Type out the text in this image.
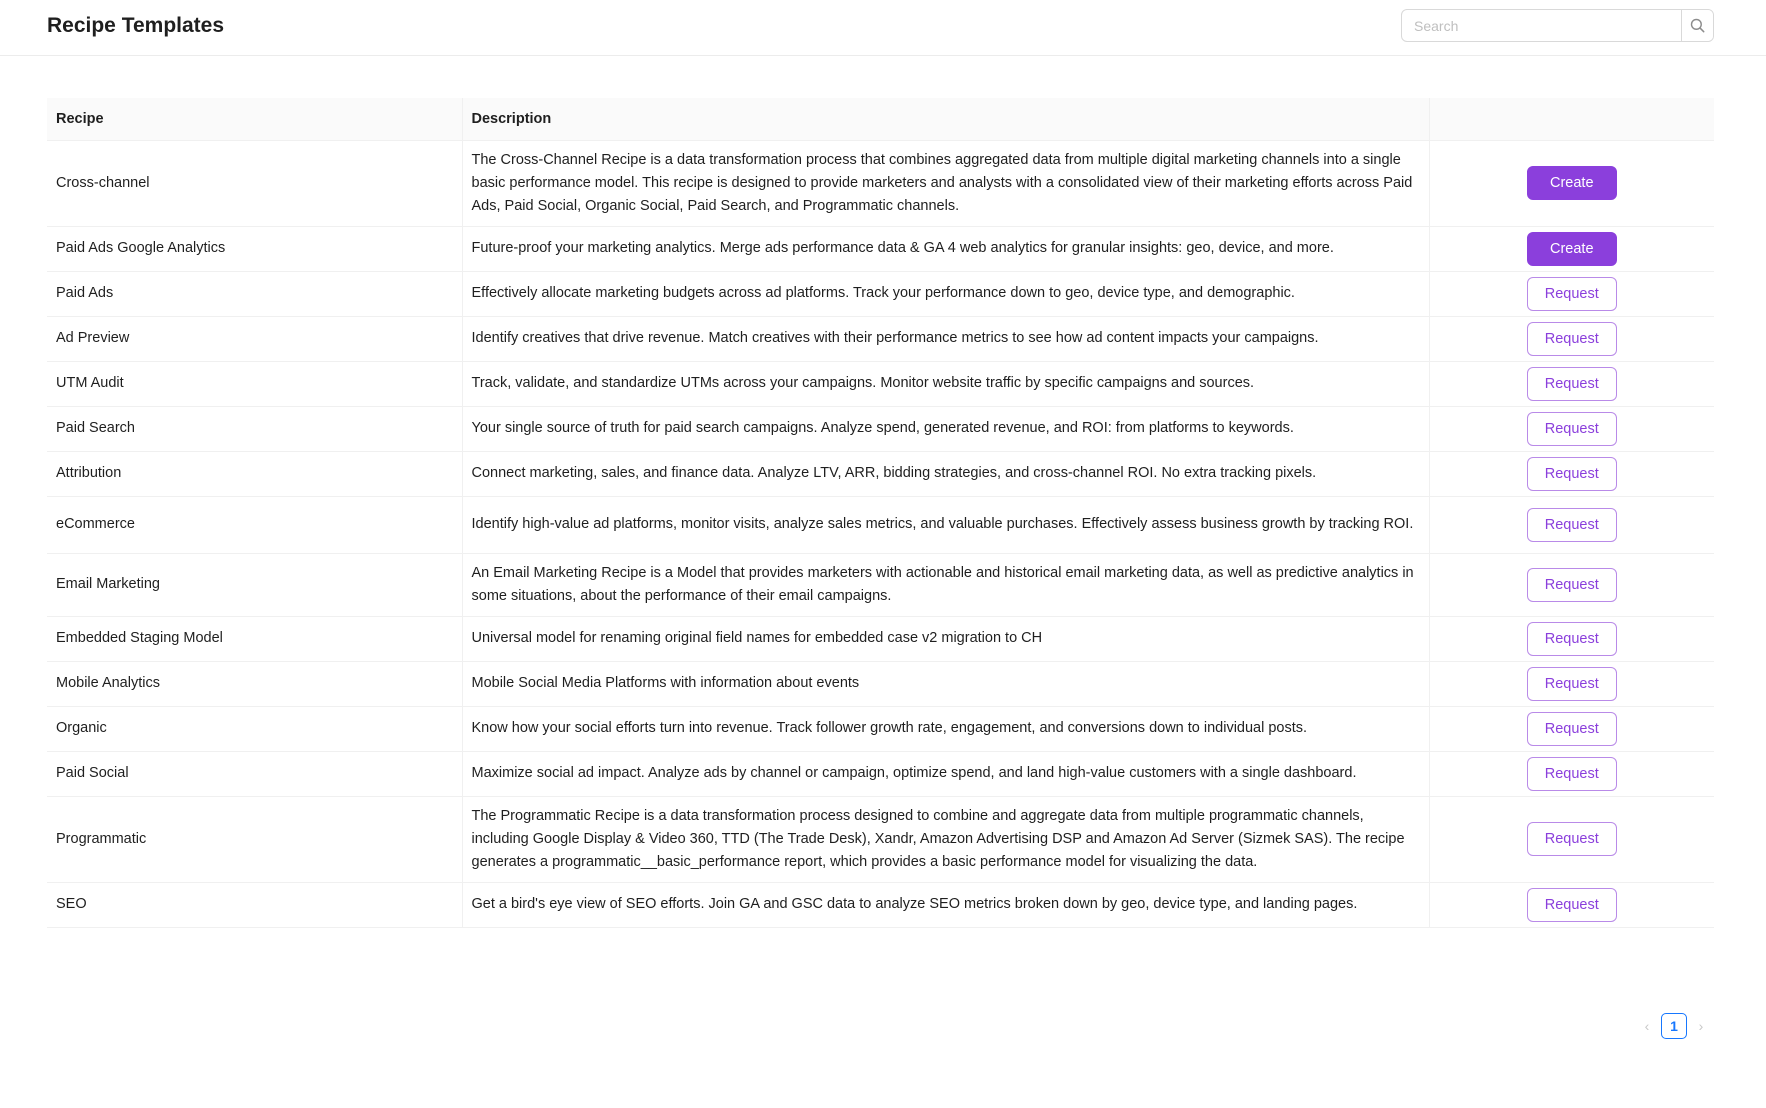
Recipe Templates
Search
Recipe	Description	
Cross-channel	The Cross-Channel Recipe is a data transformation process that combines aggregated data from multiple digital marketing channels into a single basic performance model. This recipe is designed to provide marketers and analysts with a consolidated view of their marketing efforts across Paid Ads, Paid Social, Organic Social, Paid Search, and Programmatic channels.	Create
Paid Ads Google Analytics	Future-proof your marketing analytics. Merge ads performance data & GA 4 web analytics for granular insights: geo, device, and more.	Create
Paid Ads	Effectively allocate marketing budgets across ad platforms. Track your performance down to geo, device type, and demographic.	Request
Ad Preview	Identify creatives that drive revenue. Match creatives with their performance metrics to see how ad content impacts your campaigns.	Request
UTM Audit	Track, validate, and standardize UTMs across your campaigns. Monitor website traffic by specific campaigns and sources.	Request
Paid Search	Your single source of truth for paid search campaigns. Analyze spend, generated revenue, and ROI: from platforms to keywords.	Request
Attribution	Connect marketing, sales, and finance data. Analyze LTV, ARR, bidding strategies, and cross-channel ROI. No extra tracking pixels.	Request
eCommerce	Identify high-value ad platforms, monitor visits, analyze sales metrics, and valuable purchases. Effectively assess business growth by tracking ROI.	Request
Email Marketing	An Email Marketing Recipe is a Model that provides marketers with actionable and historical email marketing data, as well as predictive analytics in some situations, about the performance of their email campaigns.	Request
Embedded Staging Model	Universal model for renaming original field names for embedded case v2 migration to CH	Request
Mobile Analytics	Mobile Social Media Platforms with information about events	Request
Organic	Know how your social efforts turn into revenue. Track follower growth rate, engagement, and conversions down to individual posts.	Request
Paid Social	Maximize social ad impact. Analyze ads by channel or campaign, optimize spend, and land high-value customers with a single dashboard.	Request
Programmatic	The Programmatic Recipe is a data transformation process designed to combine and aggregate data from multiple programmatic channels, including Google Display & Video 360, TTD (The Trade Desk), Xandr, Amazon Advertising DSP and Amazon Ad Server (Sizmek SAS). The recipe generates a programmatic__basic_performance report, which provides a basic performance model for visualizing the data.	Request
SEO	Get a bird's eye view of SEO efforts. Join GA and GSC data to analyze SEO metrics broken down by geo, device type, and landing pages.	Request
‹	1	›
